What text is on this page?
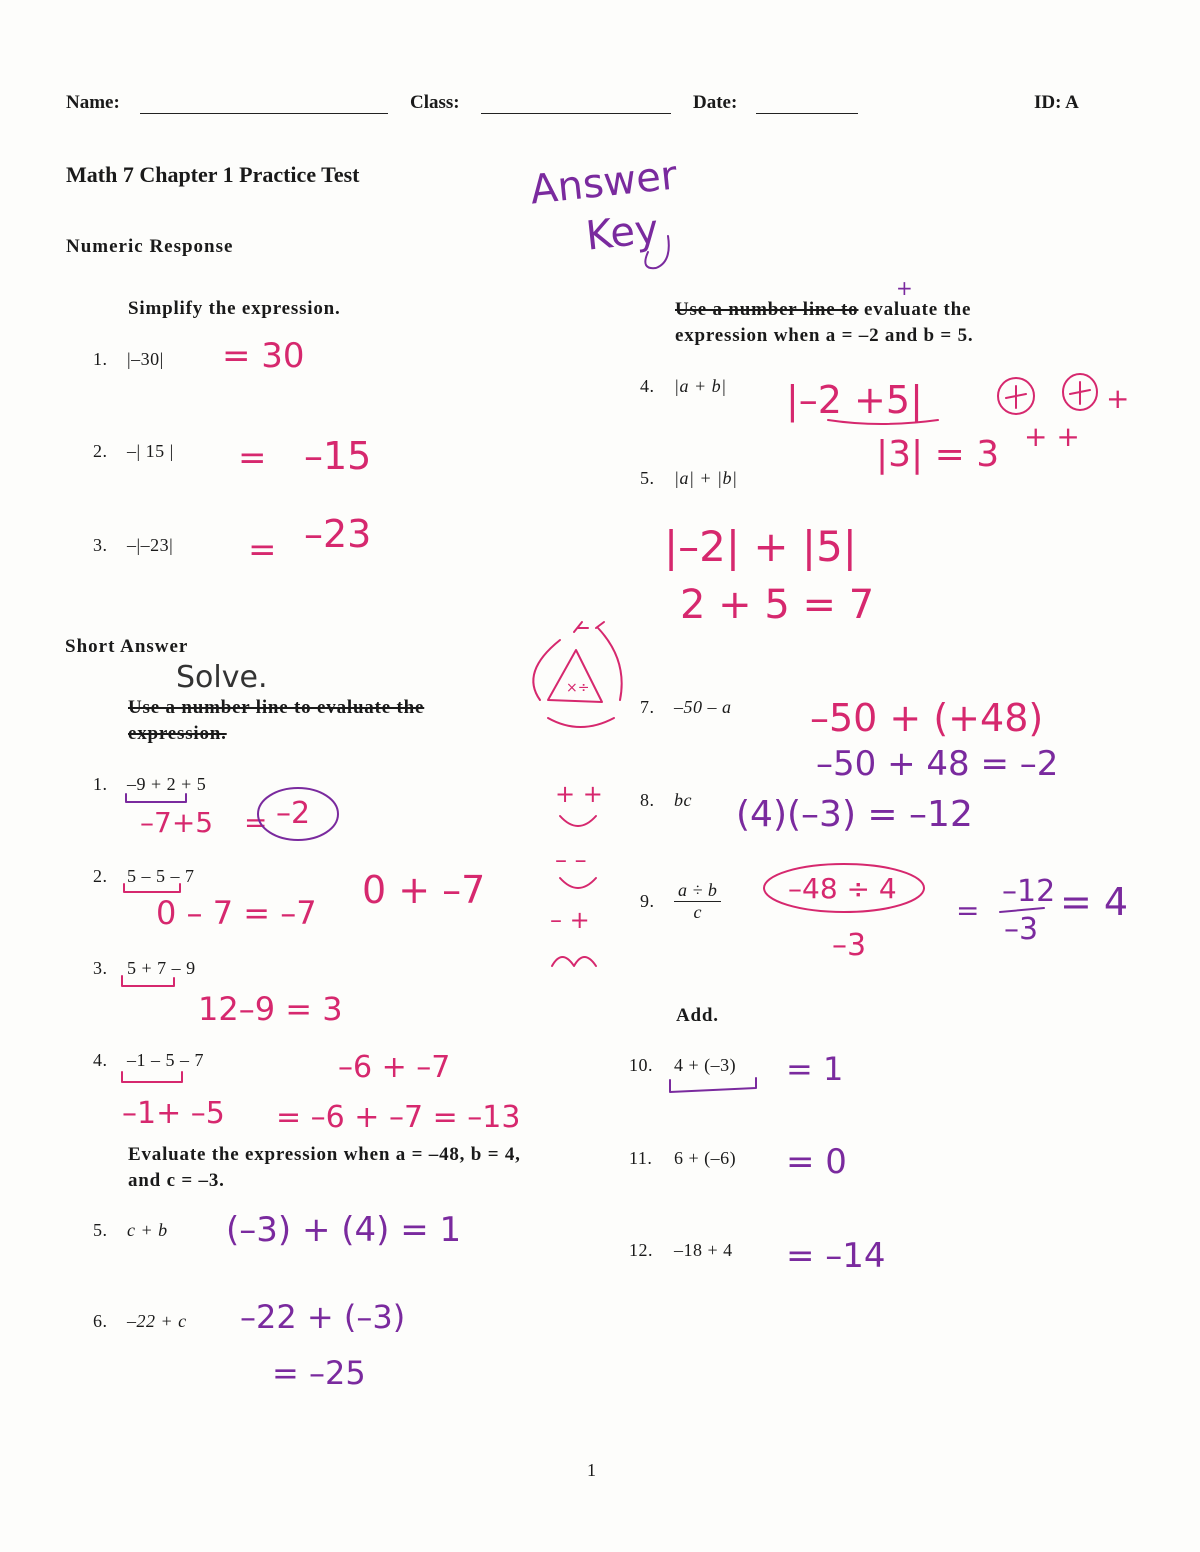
Name:	Class:	Date:	ID: A
Math 7 Chapter 1 Practice Test	Answer
Key
Numeric Response
Simplify the expression.
1. |–30| = 30
2. –| 15 | = –15
3. –|–23| = –23
Use a number line to evaluate the
+
expression when a = –2 and b = 5.
4. |a + b| |–2 +5|
|3| = 3 + +
+
5. |a| + |b|
|–2| + |5|
2 + 5 = 7
Short Answer
Solve.
Use a number line to evaluate the
expression.
1. –9 + 2 + 5
–7+5 = –2
2. 5 – 5 – 7
0 – 7 = –7
0 + –7
3. 5 + 7 – 9
12–9 = 3
4. –1 – 5 – 7	–6 + –7
–1+ –5 = –6 + –7 = –13
Evaluate the expression when a = –48, b = 4,
and c = –3.
5. c + b (–3) + (4) = 1
6. –22 + c –22 + (–3)
= –25
7. –50 – a –50 + (+48)
–50 + 48 = –2
8. bc (4)(–3) = –12
9. $\frac{a \div b}{c} -48 \div 4$
–3
=
–12
–3
= 4
+ +
– –
– +
×÷
Add.
10. 4 + (–3) = 1
11. 6 + (–6) = 0
12. –18 + 4 = –14
1
